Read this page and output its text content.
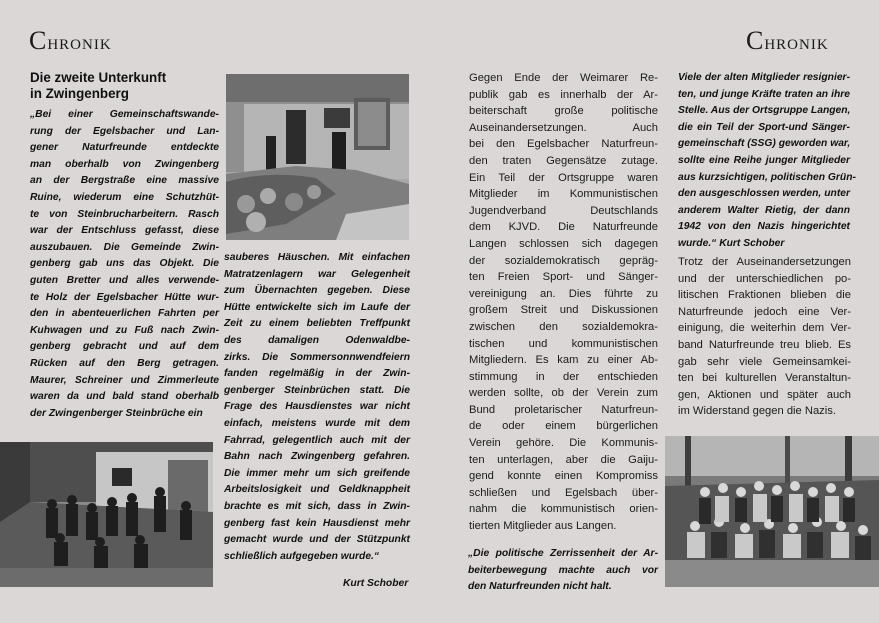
Chronik	Chronik
Die zweite Unterkunft
in Zwingenberg
„Bei einer Gemeinschaftswande-
rung der Egelsbacher und Lan-
gener Naturfreunde entdeckte
man oberhalb von Zwingenberg
an der Bergstraße eine massive
Ruine, wiederum eine Schutzhüt-
te von Steinbrucharbeitern. Rasch
war der Entschluss gefasst, diese
auszubauen. Die Gemeinde Zwin-
genberg gab uns das Objekt. Die
guten Bretter und alles verwende-
te Holz der Egelsbacher Hütte wur-
den in abenteuerlichen Fahrten per
Kuhwagen und zu Fuß nach Zwin-
genberg gebracht und auf dem
Rücken auf den Berg getragen.
Maurer, Schreiner und Zimmerleute
waren da und bald stand oberhalb
der Zwingenberger Steinbrüche ein
sauberes Häuschen. Mit einfachen
Matratzenlagern war Gelegenheit
zum Übernachten gegeben. Diese
Hütte entwickelte sich im Laufe der
Zeit zu einem beliebten Treffpunkt
des damaligen Odenwaldbe-
zirks. Die Sommersonnwendfeiern
fanden regelmäßig in der Zwin-
genberger Steinbrüchen statt. Die
Frage des Hausdienstes war nicht
einfach, meistens wurde mit dem
Fahrrad, gelegentlich auch mit der
Bahn nach Zwingenberg gefahren.
Die immer mehr um sich greifende
Arbeitslosigkeit und Geldknappheit
brachte es mit sich, dass in Zwin-
genberg fast kein Hausdienst mehr
gemacht wurde und der Stützpunkt
schließlich aufgegeben wurde.“
Kurt Schober
Gegen Ende der Weimarer Re-
publik gab es innerhalb der Ar-
beiterschaft große politische
Auseinandersetzungen. Auch
bei den Egelsbacher Naturfreun-
den traten Gegensätze zutage.
Ein Teil der Ortsgruppe waren
Mitglieder im Kommunistischen
Jugendverband Deutschlands
dem KJVD. Die Naturfreunde
Langen schlossen sich dagegen
der sozialdemokratisch gepräg-
ten Freien Sport- und Sänger-
vereinigung an. Dies führte zu
großem Streit und Diskussionen
zwischen den sozialdemokra-
tischen und kommunistischen
Mitgliedern. Es kam zu einer Ab-
stimmung in der entschieden
werden sollte, ob der Verein zum
Bund proletarischer Naturfreun-
de oder einem bürgerlichen
Verein gehöre. Die Kommunis-
ten unterlagen, aber die Gaiju-
gend konnte einen Kompromiss
schließen und Egelsbach über-
nahm die kommunistisch orien-
tierten Mitglieder aus Langen.
„Die politische Zerrissenheit der Ar-
beiterbewegung machte auch vor
den Naturfreunden nicht halt.
Viele der alten Mitglieder resignier-
ten, und junge Kräfte traten an ihre
Stelle. Aus der Ortsgruppe Langen,
die ein Teil der Sport-und Sänger-
gemeinschaft (SSG) geworden war,
sollte eine Reihe junger Mitglieder
aus kurzsichtigen, politischen Grün-
den ausgeschlossen werden, unter
anderem Walter Rietig, der dann
1942 von den Nazis hingerichtet
wurde.“ Kurt Schober
Trotz der Auseinandersetzungen
und der unterschiedlichen po-
litischen Fraktionen blieben die
Naturfreunde jedoch eine Ver-
einigung, die weiterhin dem Ver-
band Naturfreunde treu blieb. Es
gab sehr viele Gemeinsamkei-
ten bei kulturellen Veranstaltun-
gen, Aktionen und später auch
im Widerstand gegen die Nazis.
